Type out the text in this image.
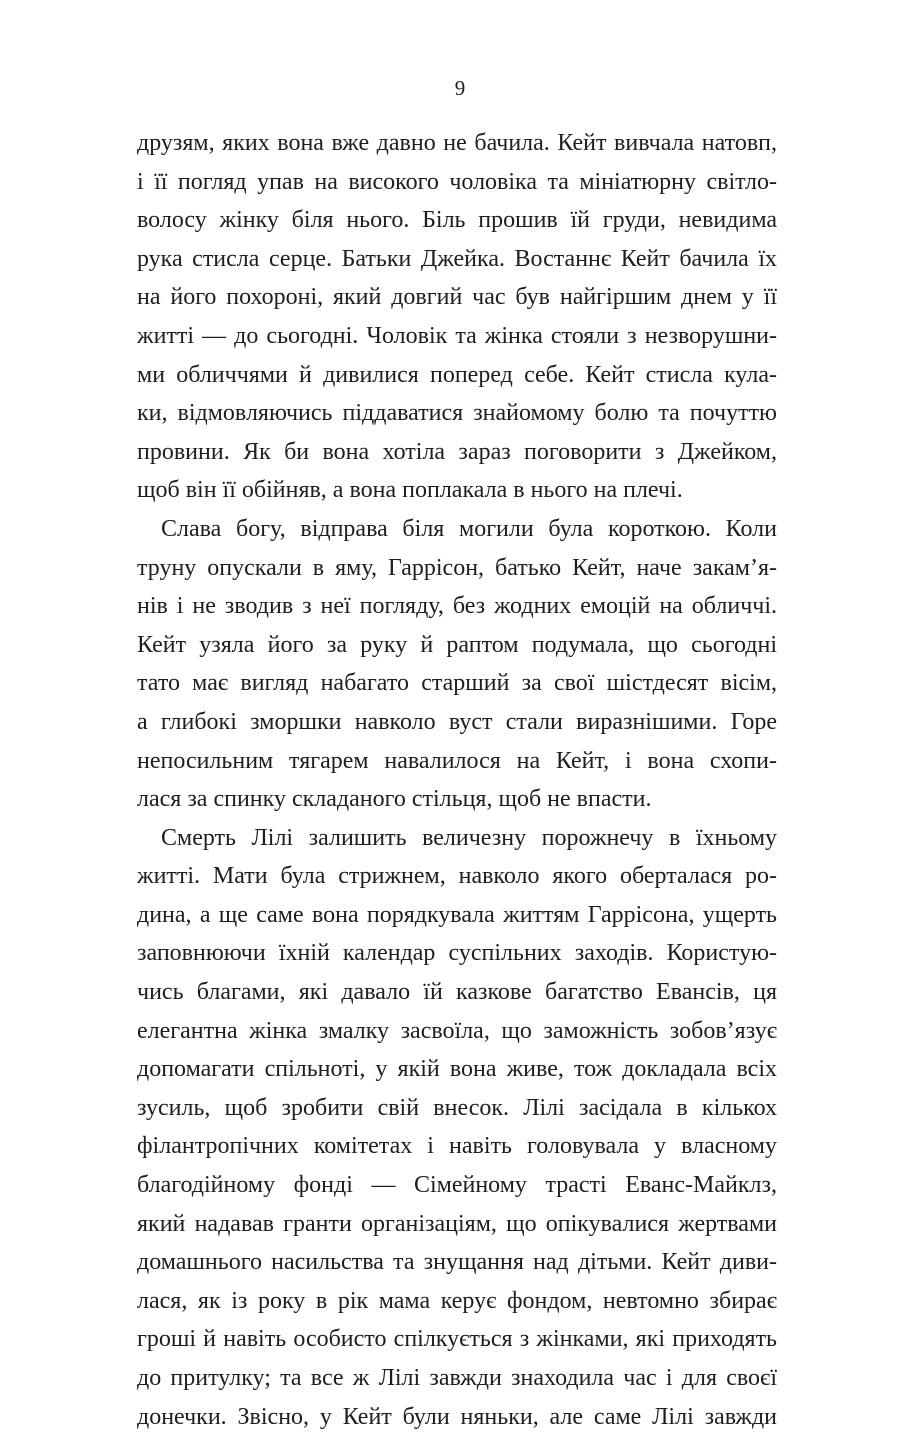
9
друзям, яких вона вже давно не бачила. Кейт вивчала натовп,
і її погляд упав на високого чоловіка та мініатюрну світло-
волосу жінку біля нього. Біль прошив їй груди, невидима
рука стисла серце. Батьки Джейка. Востаннє Кейт бачила їх
на його похороні, який довгий час був найгіршим днем у її
житті — до сьогодні. Чоловік та жінка стояли з незворушни-
ми обличчями й дивилися поперед себе. Кейт стисла кула-
ки, відмовляючись піддаватися знайомому болю та почуттю
провини. Як би вона хотіла зараз поговорити з Джейком,
щоб він її обійняв, а вона поплакала в нього на плечі.
Слава богу, відправа біля могили була короткою. Коли
труну опускали в яму, Гаррісон, батько Кейт, наче закам’я-
нів і не зводив з неї погляду, без жодних емоцій на обличчі.
Кейт узяла його за руку й раптом подумала, що сьогодні
тато має вигляд набагато старший за свої шістдесят вісім,
а глибокі зморшки навколо вуст стали виразнішими. Горе
непосильним тягарем навалилося на Кейт, і вона схопи-
лася за спинку складаного стільця, щоб не впасти.
Смерть Лілі залишить величезну порожнечу в їхньому
житті. Мати була стрижнем, навколо якого оберталася ро-
дина, а ще саме вона порядкувала життям Гаррісона, ущерть
заповнюючи їхній календар суспільних заходів. Користую-
чись благами, які давало їй казкове багатство Евансів, ця
елегантна жінка змалку засвоїла, що заможність зобов’язує
допомагати спільноті, у якій вона живе, тож докладала всіх
зусиль, щоб зробити свій внесок. Лілі засідала в кількох
філантропічних комітетах і навіть головувала у власному
благодійному фонді — Сімейному трасті Еванс-Майклз,
який надавав гранти організаціям, що опікувалися жертвами
домашнього насильства та знущання над дітьми. Кейт диви-
лася, як із року в рік мама керує фондом, невтомно збирає
гроші й навіть особисто спілкується з жінками, які приходять
до притулку; та все ж Лілі завжди знаходила час і для своєї
донечки. Звісно, у Кейт були няньки, але саме Лілі завжди
